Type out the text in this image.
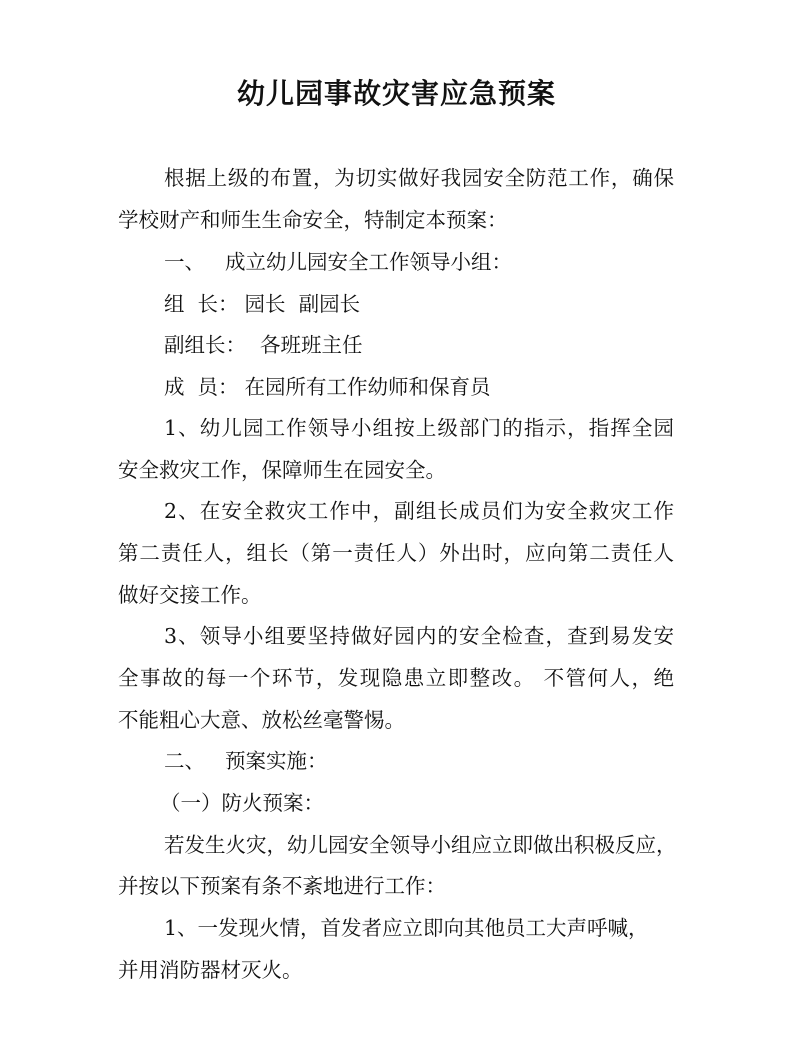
幼儿园事故灾害应急预案
根据上级的布置，为切实做好我园安全防范工作，确保
学校财产和师生生命安全，特制定本预案：
一、 成立幼儿园安全工作领导小组：
组  长： 园长  副园长
副组长： 各班班主任
成  员： 在园所有工作幼师和保育员
1、幼儿园工作领导小组按上级部门的指示，指挥全园
安全救灾工作，保障师生在园安全。
2、在安全救灾工作中，副组长成员们为安全救灾工作
第二责任人，组长（第一责任人）外出时，应向第二责任人
做好交接工作。
3、领导小组要坚持做好园内的安全检查，查到易发安
全事故的每一个环节，发现隐患立即整改。 不管何人，绝
不能粗心大意、放松丝毫警惕。
二、 预案实施：
（一）防火预案：
若发生火灾，幼儿园安全领导小组应立即做出积极反应，
并按以下预案有条不紊地进行工作：
1、一发现火情，首发者应立即向其他员工大声呼喊，
并用消防器材灭火。
